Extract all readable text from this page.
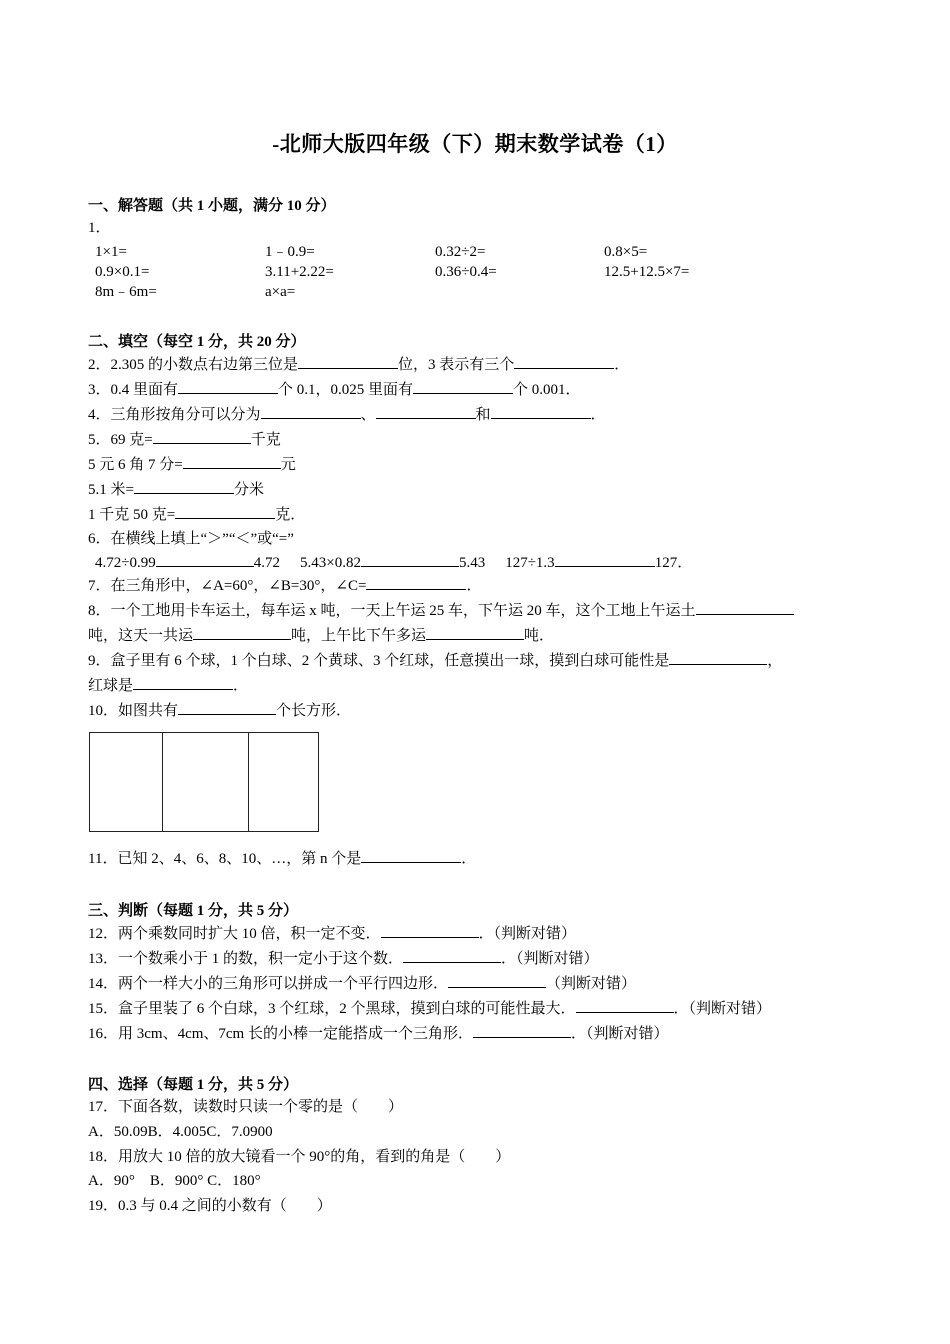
-北师大版四年级（下）期末数学试卷（1）
一、解答题（共 1 小题，满分 10 分）
1．
1×1=	1﹣0.9=	0.32÷2=	0.8×5=
0.9×0.1=	3.11+2.22=	0.36÷0.4=	12.5+12.5×7=
8m﹣6m=	a×a=
二、填空（每空 1 分，共 20 分）
2．2.305 的小数点右边第三位是	位，3 表示有三个	．
3．0.4 里面有	个 0.1，0.025 里面有	个 0.001．
4．三角形按角分可以分为	、	和	．
5．69 克=	千克
5 元 6 角 7 分=	元
5.1 米=	分米
1 千克 50 克=	克．
6．在横线上填上“＞”“＜”或“=”
4.72÷0.99	4.72 5.43×0.82	5.43 127÷1.3	127．
7．在三角形中，∠A=60°，∠B=30°，∠C=	．
8．一个工地用卡车运土，每车运 x 吨，一天上午运 25 车，下午运 20 车，这个工地上午运土
吨，这天一共运	吨，上午比下午多运	吨．
9．盒子里有 6 个球，1 个白球、2 个黄球、3 个红球，任意摸出一球，摸到白球可能性是	，
红球是	．
10．如图共有	个长方形．
11．已知 2、4、6、8、10、…，第 n 个是	．
三、判断（每题 1 分，共 5 分）
12．两个乘数同时扩大 10 倍，积一定不变．	．（判断对错）
13．一个数乘小于 1 的数，积一定小于这个数．	．（判断对错）
14．两个一样大小的三角形可以拼成一个平行四边形．	（判断对错）
15．盒子里装了 6 个白球，3 个红球，2 个黑球，摸到白球的可能性最大．	．（判断对错）
16．用 3cm、4cm、7cm 长的小棒一定能搭成一个三角形．	．（判断对错）
四、选择（每题 1 分，共 5 分）
17．下面各数，读数时只读一个零的是（　　）
A．50.09B．4.005C．7.0900
18．用放大 10 倍的放大镜看一个 90°的角，看到的角是（　　）
A．90°　B．900° C．180°
19．0.3 与 0.4 之间的小数有（　　）
